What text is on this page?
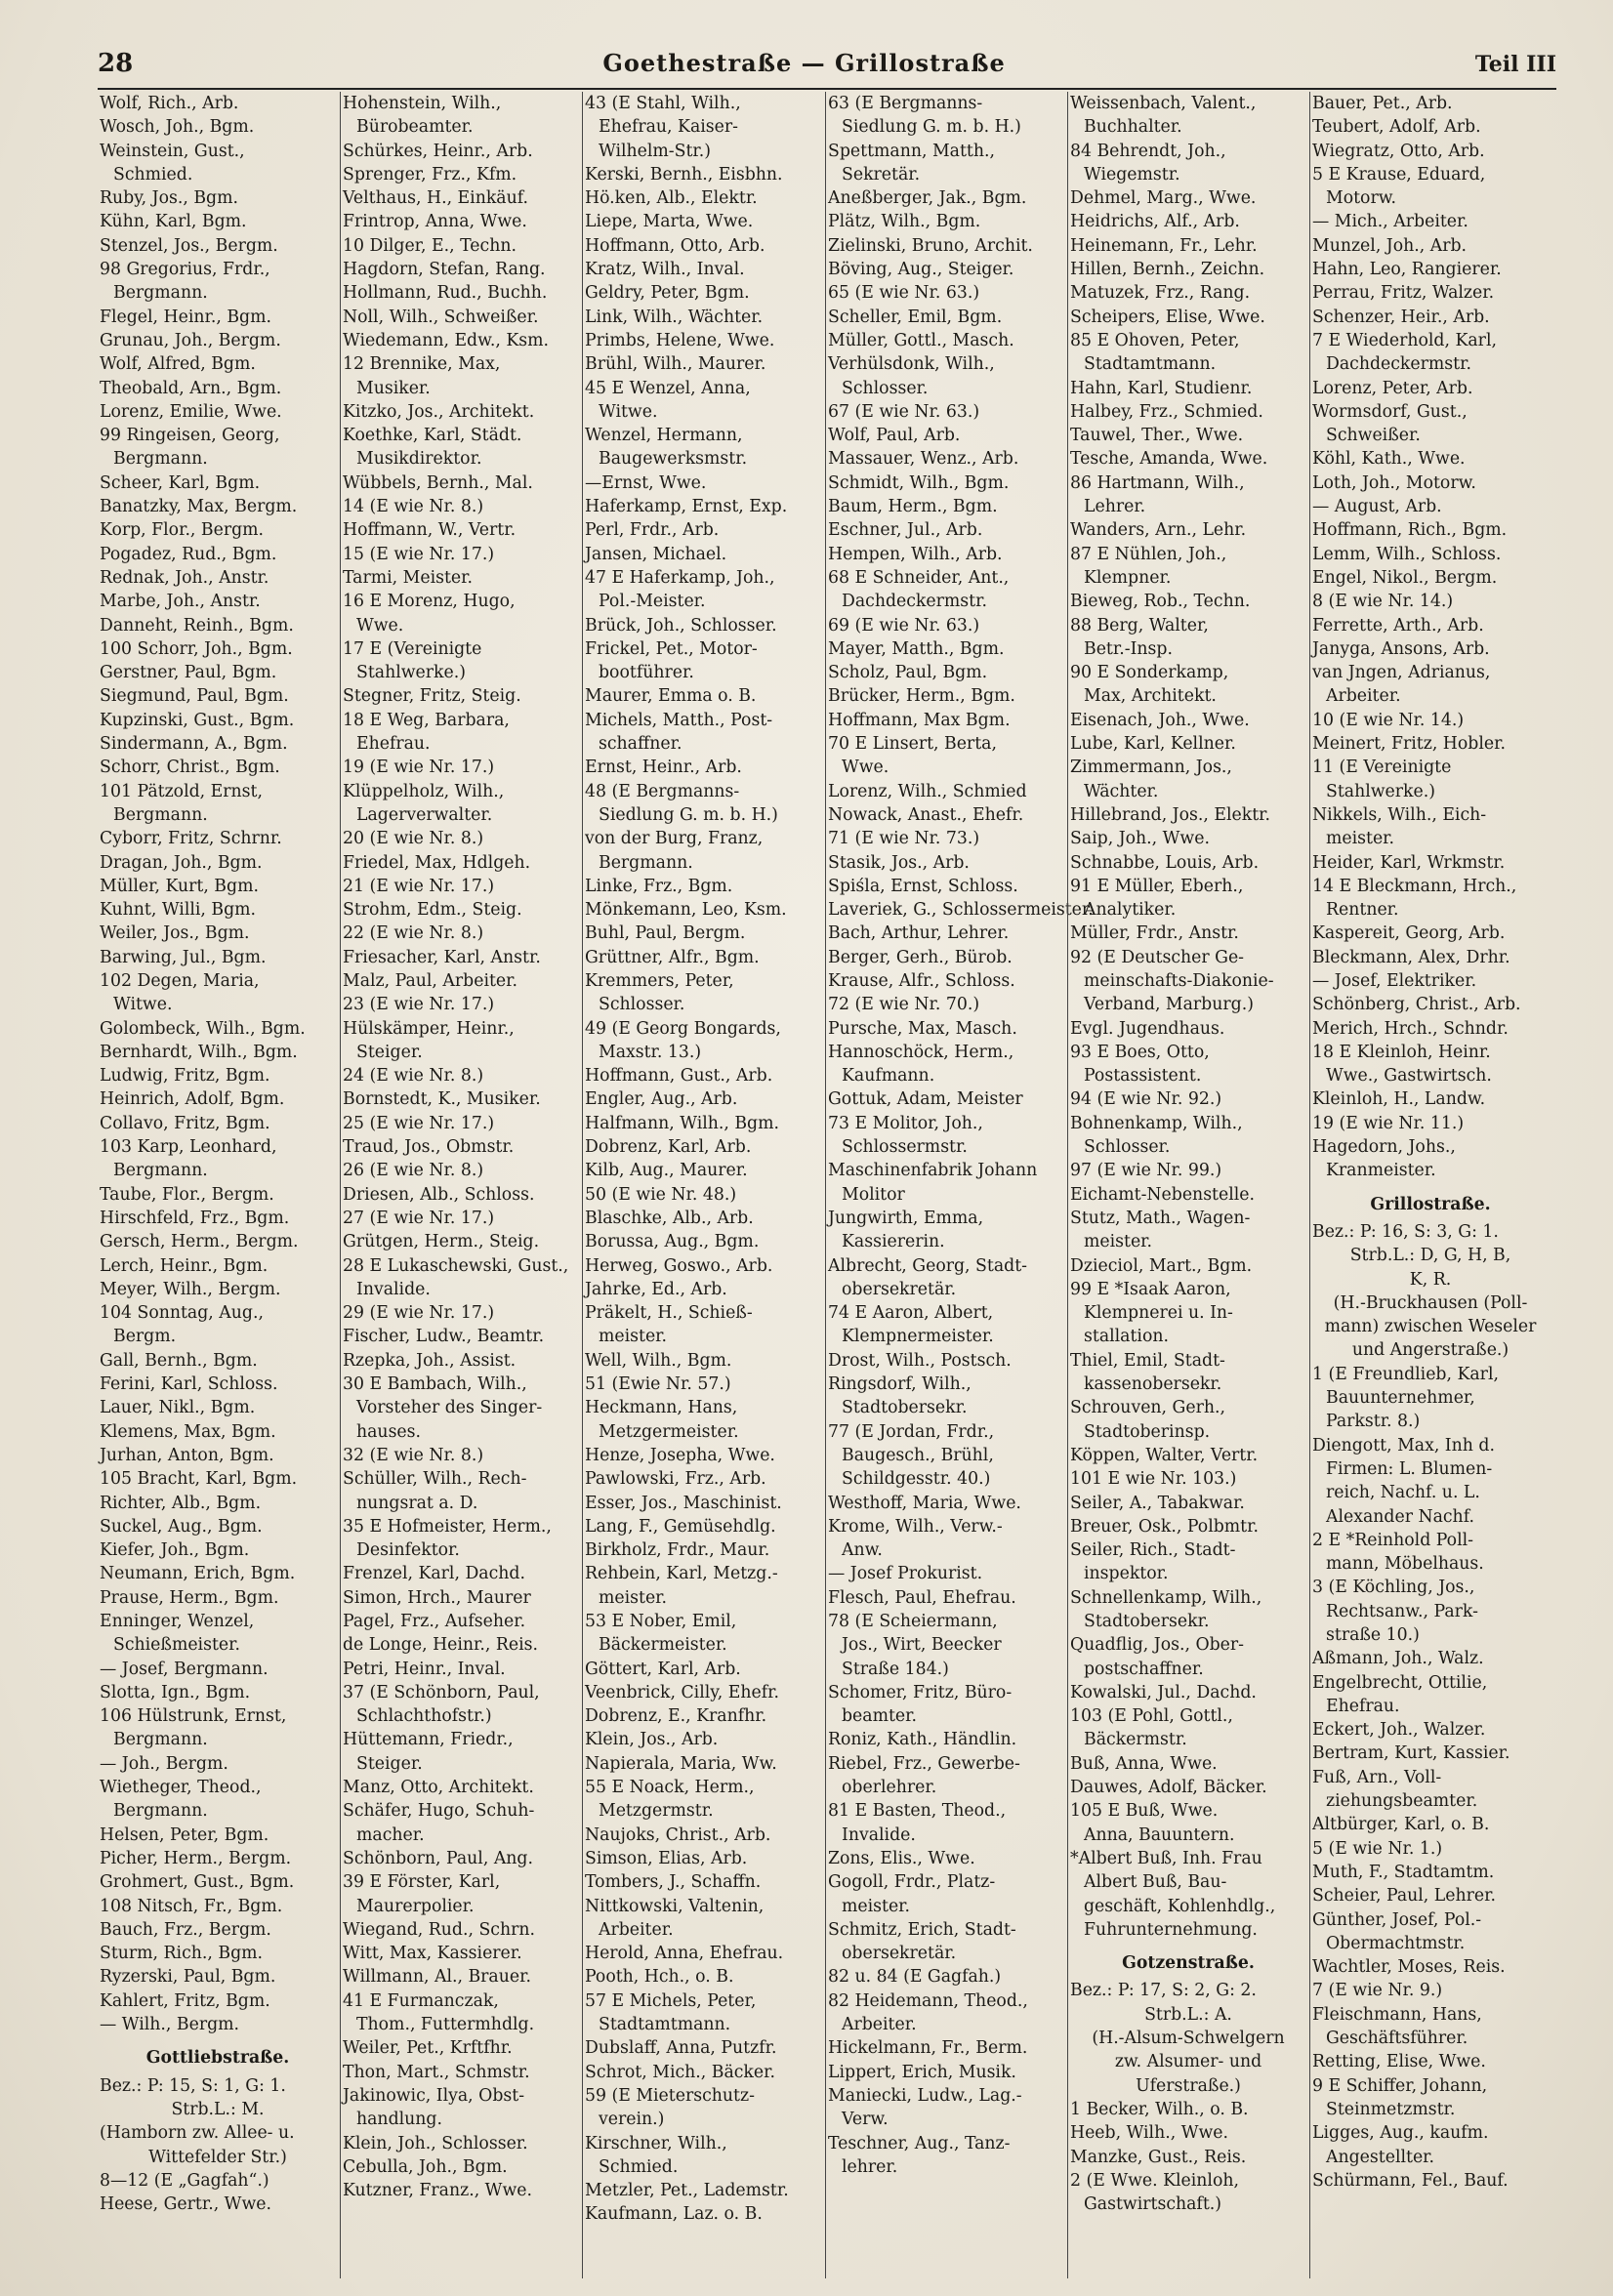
28	Goethestraße — Grillostraße	Teil III
Wolf, Rich., Arb.
Wosch, Joh., Bgm.
Weinstein, Gust.,
Schmied.
Ruby, Jos., Bgm.
Kühn, Karl, Bgm.
Stenzel, Jos., Bergm.
98 Gregorius, Frdr.,
Bergmann.
Flegel, Heinr., Bgm.
Grunau, Joh., Bergm.
Wolf, Alfred, Bgm.
Theobald, Arn., Bgm.
Lorenz, Emilie, Wwe.
99 Ringeisen, Georg,
Bergmann.
Scheer, Karl, Bgm.
Banatzky, Max, Bergm.
Korp, Flor., Bergm.
Pogadez, Rud., Bgm.
Rednak, Joh., Anstr.
Marbe, Joh., Anstr.
Danneht, Reinh., Bgm.
100 Schorr, Joh., Bgm.
Gerstner, Paul, Bgm.
Siegmund, Paul, Bgm.
Kupzinski, Gust., Bgm.
Sindermann, A., Bgm.
Schorr, Christ., Bgm.
101 Pätzold, Ernst,
Bergmann.
Cyborr, Fritz, Schrnr.
Dragan, Joh., Bgm.
Müller, Kurt, Bgm.
Kuhnt, Willi, Bgm.
Weiler, Jos., Bgm.
Barwing, Jul., Bgm.
102 Degen, Maria,
Witwe.
Golombeck, Wilh., Bgm.
Bernhardt, Wilh., Bgm.
Ludwig, Fritz, Bgm.
Heinrich, Adolf, Bgm.
Collavo, Fritz, Bgm.
103 Karp, Leonhard,
Bergmann.
Taube, Flor., Bergm.
Hirschfeld, Frz., Bgm.
Gersch, Herm., Bergm.
Lerch, Heinr., Bgm.
Meyer, Wilh., Bergm.
104 Sonntag, Aug.,
Bergm.
Gall, Bernh., Bgm.
Ferini, Karl, Schloss.
Lauer, Nikl., Bgm.
Klemens, Max, Bgm.
Jurhan, Anton, Bgm.
105 Bracht, Karl, Bgm.
Richter, Alb., Bgm.
Suckel, Aug., Bgm.
Kiefer, Joh., Bgm.
Neumann, Erich, Bgm.
Prause, Herm., Bgm.
Enninger, Wenzel,
Schießmeister.
— Josef, Bergmann.
Slotta, Ign., Bgm.
106 Hülstrunk, Ernst,
Bergmann.
— Joh., Bergm.
Wietheger, Theod.,
Bergmann.
Helsen, Peter, Bgm.
Picher, Herm., Bergm.
Grohmert, Gust., Bgm.
108 Nitsch, Fr., Bgm.
Bauch, Frz., Bergm.
Sturm, Rich., Bgm.
Ryzerski, Paul, Bgm.
Kahlert, Fritz, Bgm.
— Wilh., Bergm.
Gottliebstraße.
Bez.: P: 15, S: 1, G: 1.
Strb.L.: M.
(Hamborn zw. Allee- u.
Wittefelder Str.)
8—12 (E „Gagfah“.)
Heese, Gertr., Wwe.
Hohenstein, Wilh.,
Bürobeamter.
Schürkes, Heinr., Arb.
Sprenger, Frz., Kfm.
Velthaus, H., Einkäuf.
Frintrop, Anna, Wwe.
10 Dilger, E., Techn.
Hagdorn, Stefan, Rang.
Hollmann, Rud., Buchh.
Noll, Wilh., Schweißer.
Wiedemann, Edw., Ksm.
12 Brennike, Max,
Musiker.
Kitzko, Jos., Architekt.
Koethke, Karl, Städt.
Musikdirektor.
Wübbels, Bernh., Mal.
14 (E wie Nr. 8.)
Hoffmann, W., Vertr.
15 (E wie Nr. 17.)
Tarmi, Meister.
16 E Morenz, Hugo,
Wwe.
17 E (Vereinigte
Stahlwerke.)
Stegner, Fritz, Steig.
18 E Weg, Barbara,
Ehefrau.
19 (E wie Nr. 17.)
Klüppelholz, Wilh.,
Lagerverwalter.
20 (E wie Nr. 8.)
Friedel, Max, Hdlgeh.
21 (E wie Nr. 17.)
Strohm, Edm., Steig.
22 (E wie Nr. 8.)
Friesacher, Karl, Anstr.
Malz, Paul, Arbeiter.
23 (E wie Nr. 17.)
Hülskämper, Heinr.,
Steiger.
24 (E wie Nr. 8.)
Bornstedt, K., Musiker.
25 (E wie Nr. 17.)
Traud, Jos., Obmstr.
26 (E wie Nr. 8.)
Driesen, Alb., Schloss.
27 (E wie Nr. 17.)
Grütgen, Herm., Steig.
28 E Lukaschewski, Gust.,
Invalide.
29 (E wie Nr. 17.)
Fischer, Ludw., Beamtr.
Rzepka, Joh., Assist.
30 E Bambach, Wilh.,
Vorsteher des Singer-
hauses.
32 (E wie Nr. 8.)
Schüller, Wilh., Rech-
nungsrat a. D.
35 E Hofmeister, Herm.,
Desinfektor.
Frenzel, Karl, Dachd.
Simon, Hrch., Maurer
Pagel, Frz., Aufseher.
de Longe, Heinr., Reis.
Petri, Heinr., Inval.
37 (E Schönborn, Paul,
Schlachthofstr.)
Hüttemann, Friedr.,
Steiger.
Manz, Otto, Architekt.
Schäfer, Hugo, Schuh-
macher.
Schönborn, Paul, Ang.
39 E Förster, Karl,
Maurerpolier.
Wiegand, Rud., Schrn.
Witt, Max, Kassierer.
Willmann, Al., Brauer.
41 E Furmanczak,
Thom., Futtermhdlg.
Weiler, Pet., Krftfhr.
Thon, Mart., Schmstr.
Jakinowic, Ilya, Obst-
handlung.
Klein, Joh., Schlosser.
Cebulla, Joh., Bgm.
Kutzner, Franz., Wwe.
43 (E Stahl, Wilh.,
Ehefrau, Kaiser-
Wilhelm-Str.)
Kerski, Bernh., Eisbhn.
Hö.ken, Alb., Elektr.
Liepe, Marta, Wwe.
Hoffmann, Otto, Arb.
Kratz, Wilh., Inval.
Geldry, Peter, Bgm.
Link, Wilh., Wächter.
Primbs, Helene, Wwe.
Brühl, Wilh., Maurer.
45 E Wenzel, Anna,
Witwe.
Wenzel, Hermann,
Baugewerksmstr.
—Ernst, Wwe.
Haferkamp, Ernst, Exp.
Perl, Frdr., Arb.
Jansen, Michael.
47 E Haferkamp, Joh.,
Pol.-Meister.
Brück, Joh., Schlosser.
Frickel, Pet., Motor-
bootführer.
Maurer, Emma o. B.
Michels, Matth., Post-
schaffner.
Ernst, Heinr., Arb.
48 (E Bergmanns-
Siedlung G. m. b. H.)
von der Burg, Franz,
Bergmann.
Linke, Frz., Bgm.
Mönkemann, Leo, Ksm.
Buhl, Paul, Bergm.
Grüttner, Alfr., Bgm.
Kremmers, Peter,
Schlosser.
49 (E Georg Bongards,
Maxstr. 13.)
Hoffmann, Gust., Arb.
Engler, Aug., Arb.
Halfmann, Wilh., Bgm.
Dobrenz, Karl, Arb.
Kilb, Aug., Maurer.
50 (E wie Nr. 48.)
Blaschke, Alb., Arb.
Borussa, Aug., Bgm.
Herweg, Goswo., Arb.
Jahrke, Ed., Arb.
Präkelt, H., Schieß-
meister.
Well, Wilh., Bgm.
51 (Ewie Nr. 57.)
Heckmann, Hans,
Metzgermeister.
Henze, Josepha, Wwe.
Pawlowski, Frz., Arb.
Esser, Jos., Maschinist.
Lang, F., Gemüsehdlg.
Birkholz, Frdr., Maur.
Rehbein, Karl, Metzg.-
meister.
53 E Nober, Emil,
Bäckermeister.
Göttert, Karl, Arb.
Veenbrick, Cilly, Ehefr.
Dobrenz, E., Kranfhr.
Klein, Jos., Arb.
Napierala, Maria, Ww.
55 E Noack, Herm.,
Metzgermstr.
Naujoks, Christ., Arb.
Simson, Elias, Arb.
Tombers, J., Schaffn.
Nittkowski, Valtenin,
Arbeiter.
Herold, Anna, Ehefrau.
Pooth, Hch., o. B.
57 E Michels, Peter,
Stadtamtmann.
Dubslaff, Anna, Putzfr.
Schrot, Mich., Bäcker.
59 (E Mieterschutz-
verein.)
Kirschner, Wilh.,
Schmied.
Metzler, Pet., Lademstr.
Kaufmann, Laz. o. B.
63 (E Bergmanns-
Siedlung G. m. b. H.)
Spettmann, Matth.,
Sekretär.
Aneßberger, Jak., Bgm.
Plätz, Wilh., Bgm.
Zielinski, Bruno, Archit.
Böving, Aug., Steiger.
65 (E wie Nr. 63.)
Scheller, Emil, Bgm.
Müller, Gottl., Masch.
Verhülsdonk, Wilh.,
Schlosser.
67 (E wie Nr. 63.)
Wolf, Paul, Arb.
Massauer, Wenz., Arb.
Schmidt, Wilh., Bgm.
Baum, Herm., Bgm.
Eschner, Jul., Arb.
Hempen, Wilh., Arb.
68 E Schneider, Ant.,
Dachdeckermstr.
69 (E wie Nr. 63.)
Mayer, Matth., Bgm.
Scholz, Paul, Bgm.
Brücker, Herm., Bgm.
Hoffmann, Max Bgm.
70 E Linsert, Berta,
Wwe.
Lorenz, Wilh., Schmied
Nowack, Anast., Ehefr.
71 (E wie Nr. 73.)
Stasik, Jos., Arb.
Spiśla, Ernst, Schloss.
Laveriek, G., Schlossermeister.
Bach, Arthur, Lehrer.
Berger, Gerh., Bürob.
Krause, Alfr., Schloss.
72 (E wie Nr. 70.)
Pursche, Max, Masch.
Hannoschöck, Herm.,
Kaufmann.
Gottuk, Adam, Meister
73 E Molitor, Joh.,
Schlossermstr.
Maschinenfabrik Johann
Molitor
Jungwirth, Emma,
Kassiererin.
Albrecht, Georg, Stadt-
obersekretär.
74 E Aaron, Albert,
Klempnermeister.
Drost, Wilh., Postsch.
Ringsdorf, Wilh.,
Stadtobersekr.
77 (E Jordan, Frdr.,
Baugesch., Brühl,
Schildgesstr. 40.)
Westhoff, Maria, Wwe.
Krome, Wilh., Verw.-
Anw.
— Josef Prokurist.
Flesch, Paul, Ehefrau.
78 (E Scheiermann,
Jos., Wirt, Beecker
Straße 184.)
Schomer, Fritz, Büro-
beamter.
Roniz, Kath., Händlin.
Riebel, Frz., Gewerbe-
oberlehrer.
81 E Basten, Theod.,
Invalide.
Zons, Elis., Wwe.
Gogoll, Frdr., Platz-
meister.
Schmitz, Erich, Stadt-
obersekretär.
82 u. 84 (E Gagfah.)
82 Heidemann, Theod.,
Arbeiter.
Hickelmann, Fr., Berm.
Lippert, Erich, Musik.
Maniecki, Ludw., Lag.-
Verw.
Teschner, Aug., Tanz-
lehrer.
Weissenbach, Valent.,
Buchhalter.
84 Behrendt, Joh.,
Wiegemstr.
Dehmel, Marg., Wwe.
Heidrichs, Alf., Arb.
Heinemann, Fr., Lehr.
Hillen, Bernh., Zeichn.
Matuzek, Frz., Rang.
Scheipers, Elise, Wwe.
85 E Ohoven, Peter,
Stadtamtmann.
Hahn, Karl, Studienr.
Halbey, Frz., Schmied.
Tauwel, Ther., Wwe.
Tesche, Amanda, Wwe.
86 Hartmann, Wilh.,
Lehrer.
Wanders, Arn., Lehr.
87 E Nühlen, Joh.,
Klempner.
Bieweg, Rob., Techn.
88 Berg, Walter,
Betr.-Insp.
90 E Sonderkamp,
Max, Architekt.
Eisenach, Joh., Wwe.
Lube, Karl, Kellner.
Zimmermann, Jos.,
Wächter.
Hillebrand, Jos., Elektr.
Saip, Joh., Wwe.
Schnabbe, Louis, Arb.
91 E Müller, Eberh.,
Analytiker.
Müller, Frdr., Anstr.
92 (E Deutscher Ge-
meinschafts-Diakonie-
Verband, Marburg.)
Evgl. Jugendhaus.
93 E Boes, Otto,
Postassistent.
94 (E wie Nr. 92.)
Bohnenkamp, Wilh.,
Schlosser.
97 (E wie Nr. 99.)
Eichamt-Nebenstelle.
Stutz, Math., Wagen-
meister.
Dzieciol, Mart., Bgm.
99 E *Isaak Aaron,
Klempnerei u. In-
stallation.
Thiel, Emil, Stadt-
kassenobersekr.
Schrouven, Gerh.,
Stadtoberinsp.
Köppen, Walter, Vertr.
101 E wie Nr. 103.)
Seiler, A., Tabakwar.
Breuer, Osk., Polbmtr.
Seiler, Rich., Stadt-
inspektor.
Schnellenkamp, Wilh.,
Stadtobersekr.
Quadflig, Jos., Ober-
postschaffner.
Kowalski, Jul., Dachd.
103 (E Pohl, Gottl.,
Bäckermstr.
Buß, Anna, Wwe.
Dauwes, Adolf, Bäcker.
105 E Buß, Wwe.
Anna, Bauuntern.
*Albert Buß, Inh. Frau
Albert Buß, Bau-
geschäft, Kohlenhdlg.,
Fuhrunternehmung.
Gotzenstraße.
Bez.: P: 17, S: 2, G: 2.
Strb.L.: A.
(H.-Alsum-Schwelgern
zw. Alsumer- und
Uferstraße.)
1 Becker, Wilh., o. B.
Heeb, Wilh., Wwe.
Manzke, Gust., Reis.
2 (E Wwe. Kleinloh,
Gastwirtschaft.)
Bauer, Pet., Arb.
Teubert, Adolf, Arb.
Wiegratz, Otto, Arb.
5 E Krause, Eduard,
Motorw.
— Mich., Arbeiter.
Munzel, Joh., Arb.
Hahn, Leo, Rangierer.
Perrau, Fritz, Walzer.
Schenzer, Heir., Arb.
7 E Wiederhold, Karl,
Dachdeckermstr.
Lorenz, Peter, Arb.
Wormsdorf, Gust.,
Schweißer.
Köhl, Kath., Wwe.
Loth, Joh., Motorw.
— August, Arb.
Hoffmann, Rich., Bgm.
Lemm, Wilh., Schloss.
Engel, Nikol., Bergm.
8 (E wie Nr. 14.)
Ferrette, Arth., Arb.
Janyga, Ansons, Arb.
van Jngen, Adrianus,
Arbeiter.
10 (E wie Nr. 14.)
Meinert, Fritz, Hobler.
11 (E Vereinigte
Stahlwerke.)
Nikkels, Wilh., Eich-
meister.
Heider, Karl, Wrkmstr.
14 E Bleckmann, Hrch.,
Rentner.
Kaspereit, Georg, Arb.
Bleckmann, Alex, Drhr.
— Josef, Elektriker.
Schönberg, Christ., Arb.
Merich, Hrch., Schndr.
18 E Kleinloh, Heinr.
Wwe., Gastwirtsch.
Kleinloh, H., Landw.
19 (E wie Nr. 11.)
Hagedorn, Johs.,
Kranmeister.
Grillostraße.
Bez.: P: 16, S: 3, G: 1.
Strb.L.: D, G, H, B,
K, R.
(H.-Bruckhausen (Poll-
mann) zwischen Weseler
und Angerstraße.)
1 (E Freundlieb, Karl,
Bauunternehmer,
Parkstr. 8.)
Diengott, Max, Inh d.
Firmen: L. Blumen-
reich, Nachf. u. L.
Alexander Nachf.
2 E *Reinhold Poll-
mann, Möbelhaus.
3 (E Köchling, Jos.,
Rechtsanw., Park-
straße 10.)
Aßmann, Joh., Walz.
Engelbrecht, Ottilie,
Ehefrau.
Eckert, Joh., Walzer.
Bertram, Kurt, Kassier.
Fuß, Arn., Voll-
ziehungsbeamter.
Altbürger, Karl, o. B.
5 (E wie Nr. 1.)
Muth, F., Stadtamtm.
Scheier, Paul, Lehrer.
Günther, Josef, Pol.-
Obermachtmstr.
Wachtler, Moses, Reis.
7 (E wie Nr. 9.)
Fleischmann, Hans,
Geschäftsführer.
Retting, Elise, Wwe.
9 E Schiffer, Johann,
Steinmetzmstr.
Ligges, Aug., kaufm.
Angestellter.
Schürmann, Fel., Bauf.
